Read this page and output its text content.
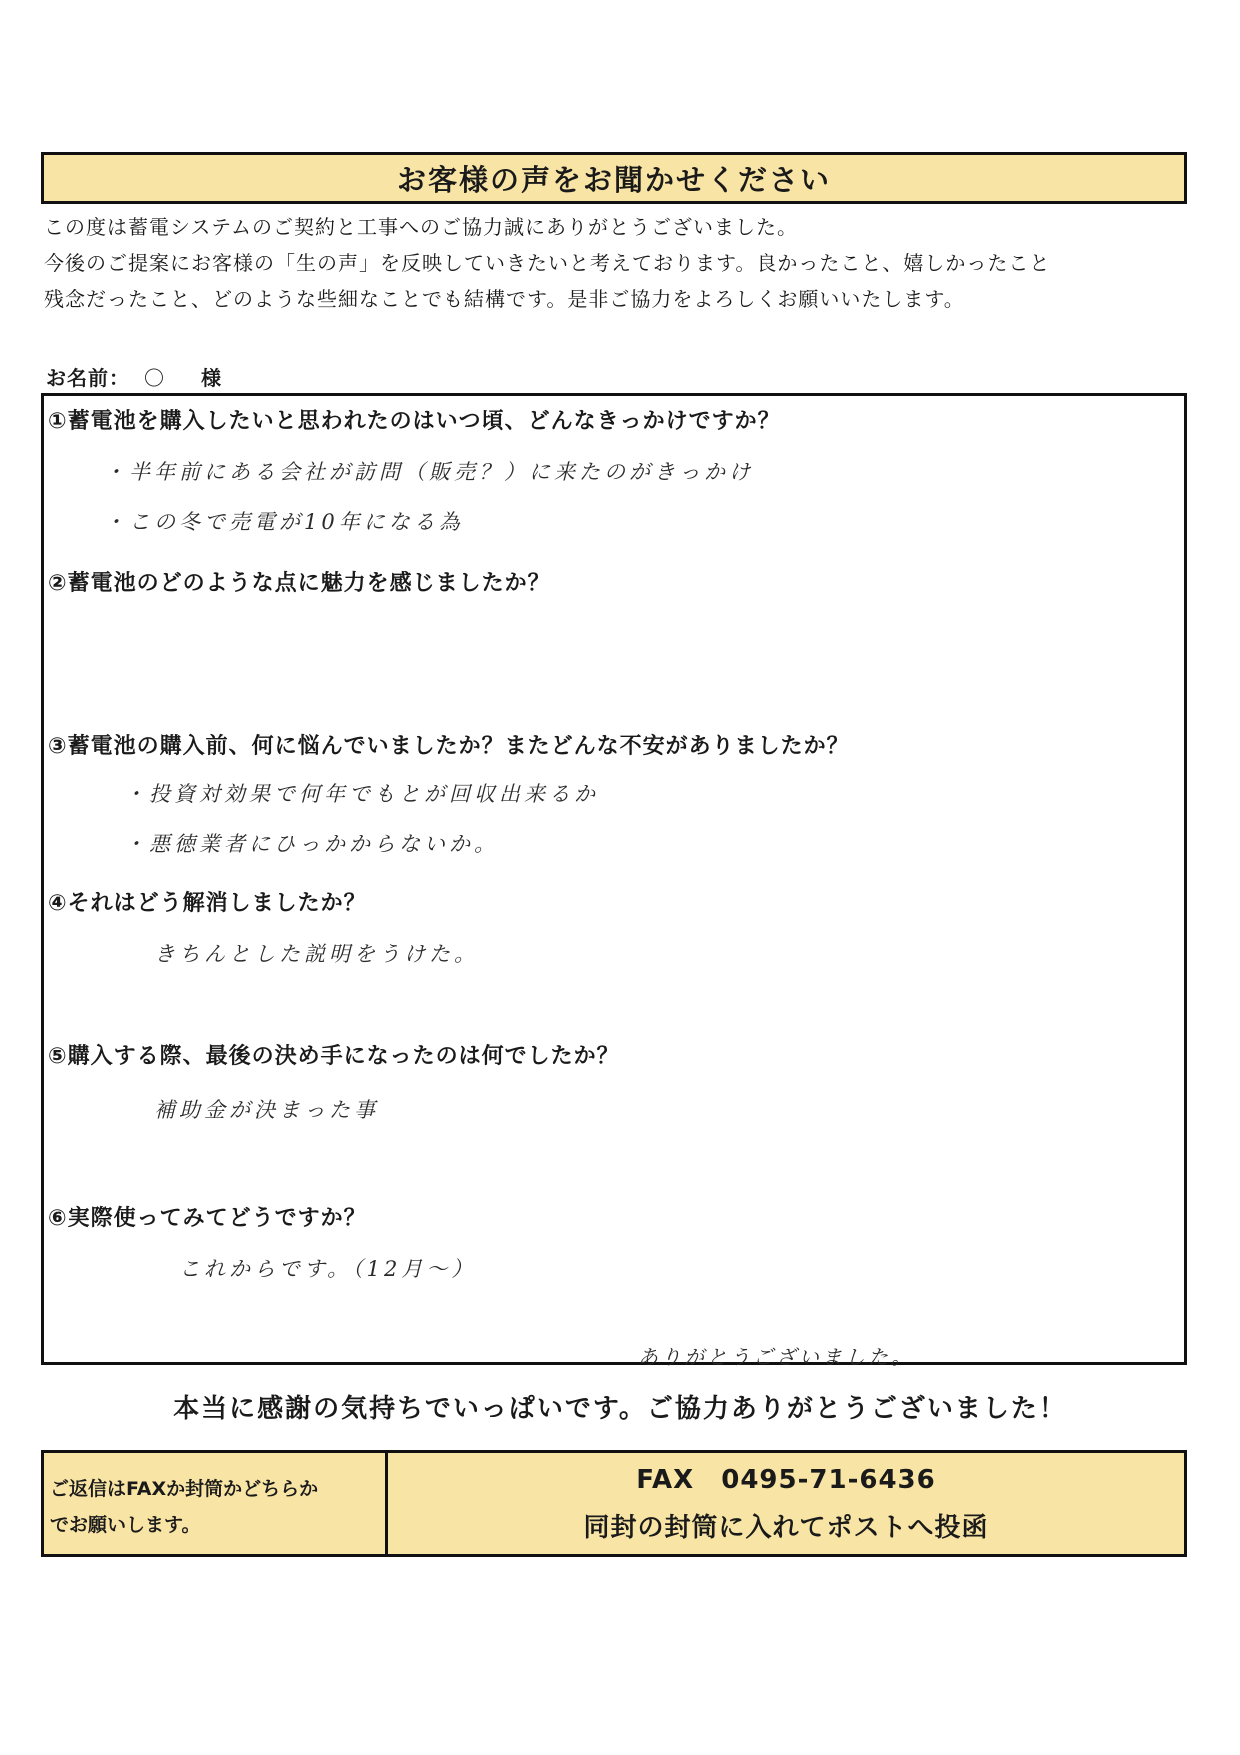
お客様の声をお聞かせください
この度は蓄電システムのご契約と工事へのご協力誠にありがとうございました。
今後のご提案にお客様の「生の声」を反映していきたいと考えております。良かったこと、嬉しかったこと
残念だったこと、どのような些細なことでも結構です。是非ご協力をよろしくお願いいたします。
お名前： 〇 様
①蓄電池を購入したいと思われたのはいつ頃、どんなきっかけですか？
・半年前にある会社が訪問（販売？）に来たのがきっかけ
・この冬で売電が10年になる為
②蓄電池のどのような点に魅力を感じましたか？
③蓄電池の購入前、何に悩んでいましたか？またどんな不安がありましたか？
・投資対効果で何年でもとが回収出来るか
・悪徳業者にひっかからないか。
④それはどう解消しましたか？
きちんとした説明をうけた。
⑤購入する際、最後の決め手になったのは何でしたか？
補助金が決まった事
⑥実際使ってみてどうですか？
これからです。（12月～）
ありがとうございました。
本当に感謝の気持ちでいっぱいです。ご協力ありがとうございました！
ご返信はFAXか封筒かどちらか
でお願いします。
FAX　0495-71-6436
同封の封筒に入れてポストへ投函
